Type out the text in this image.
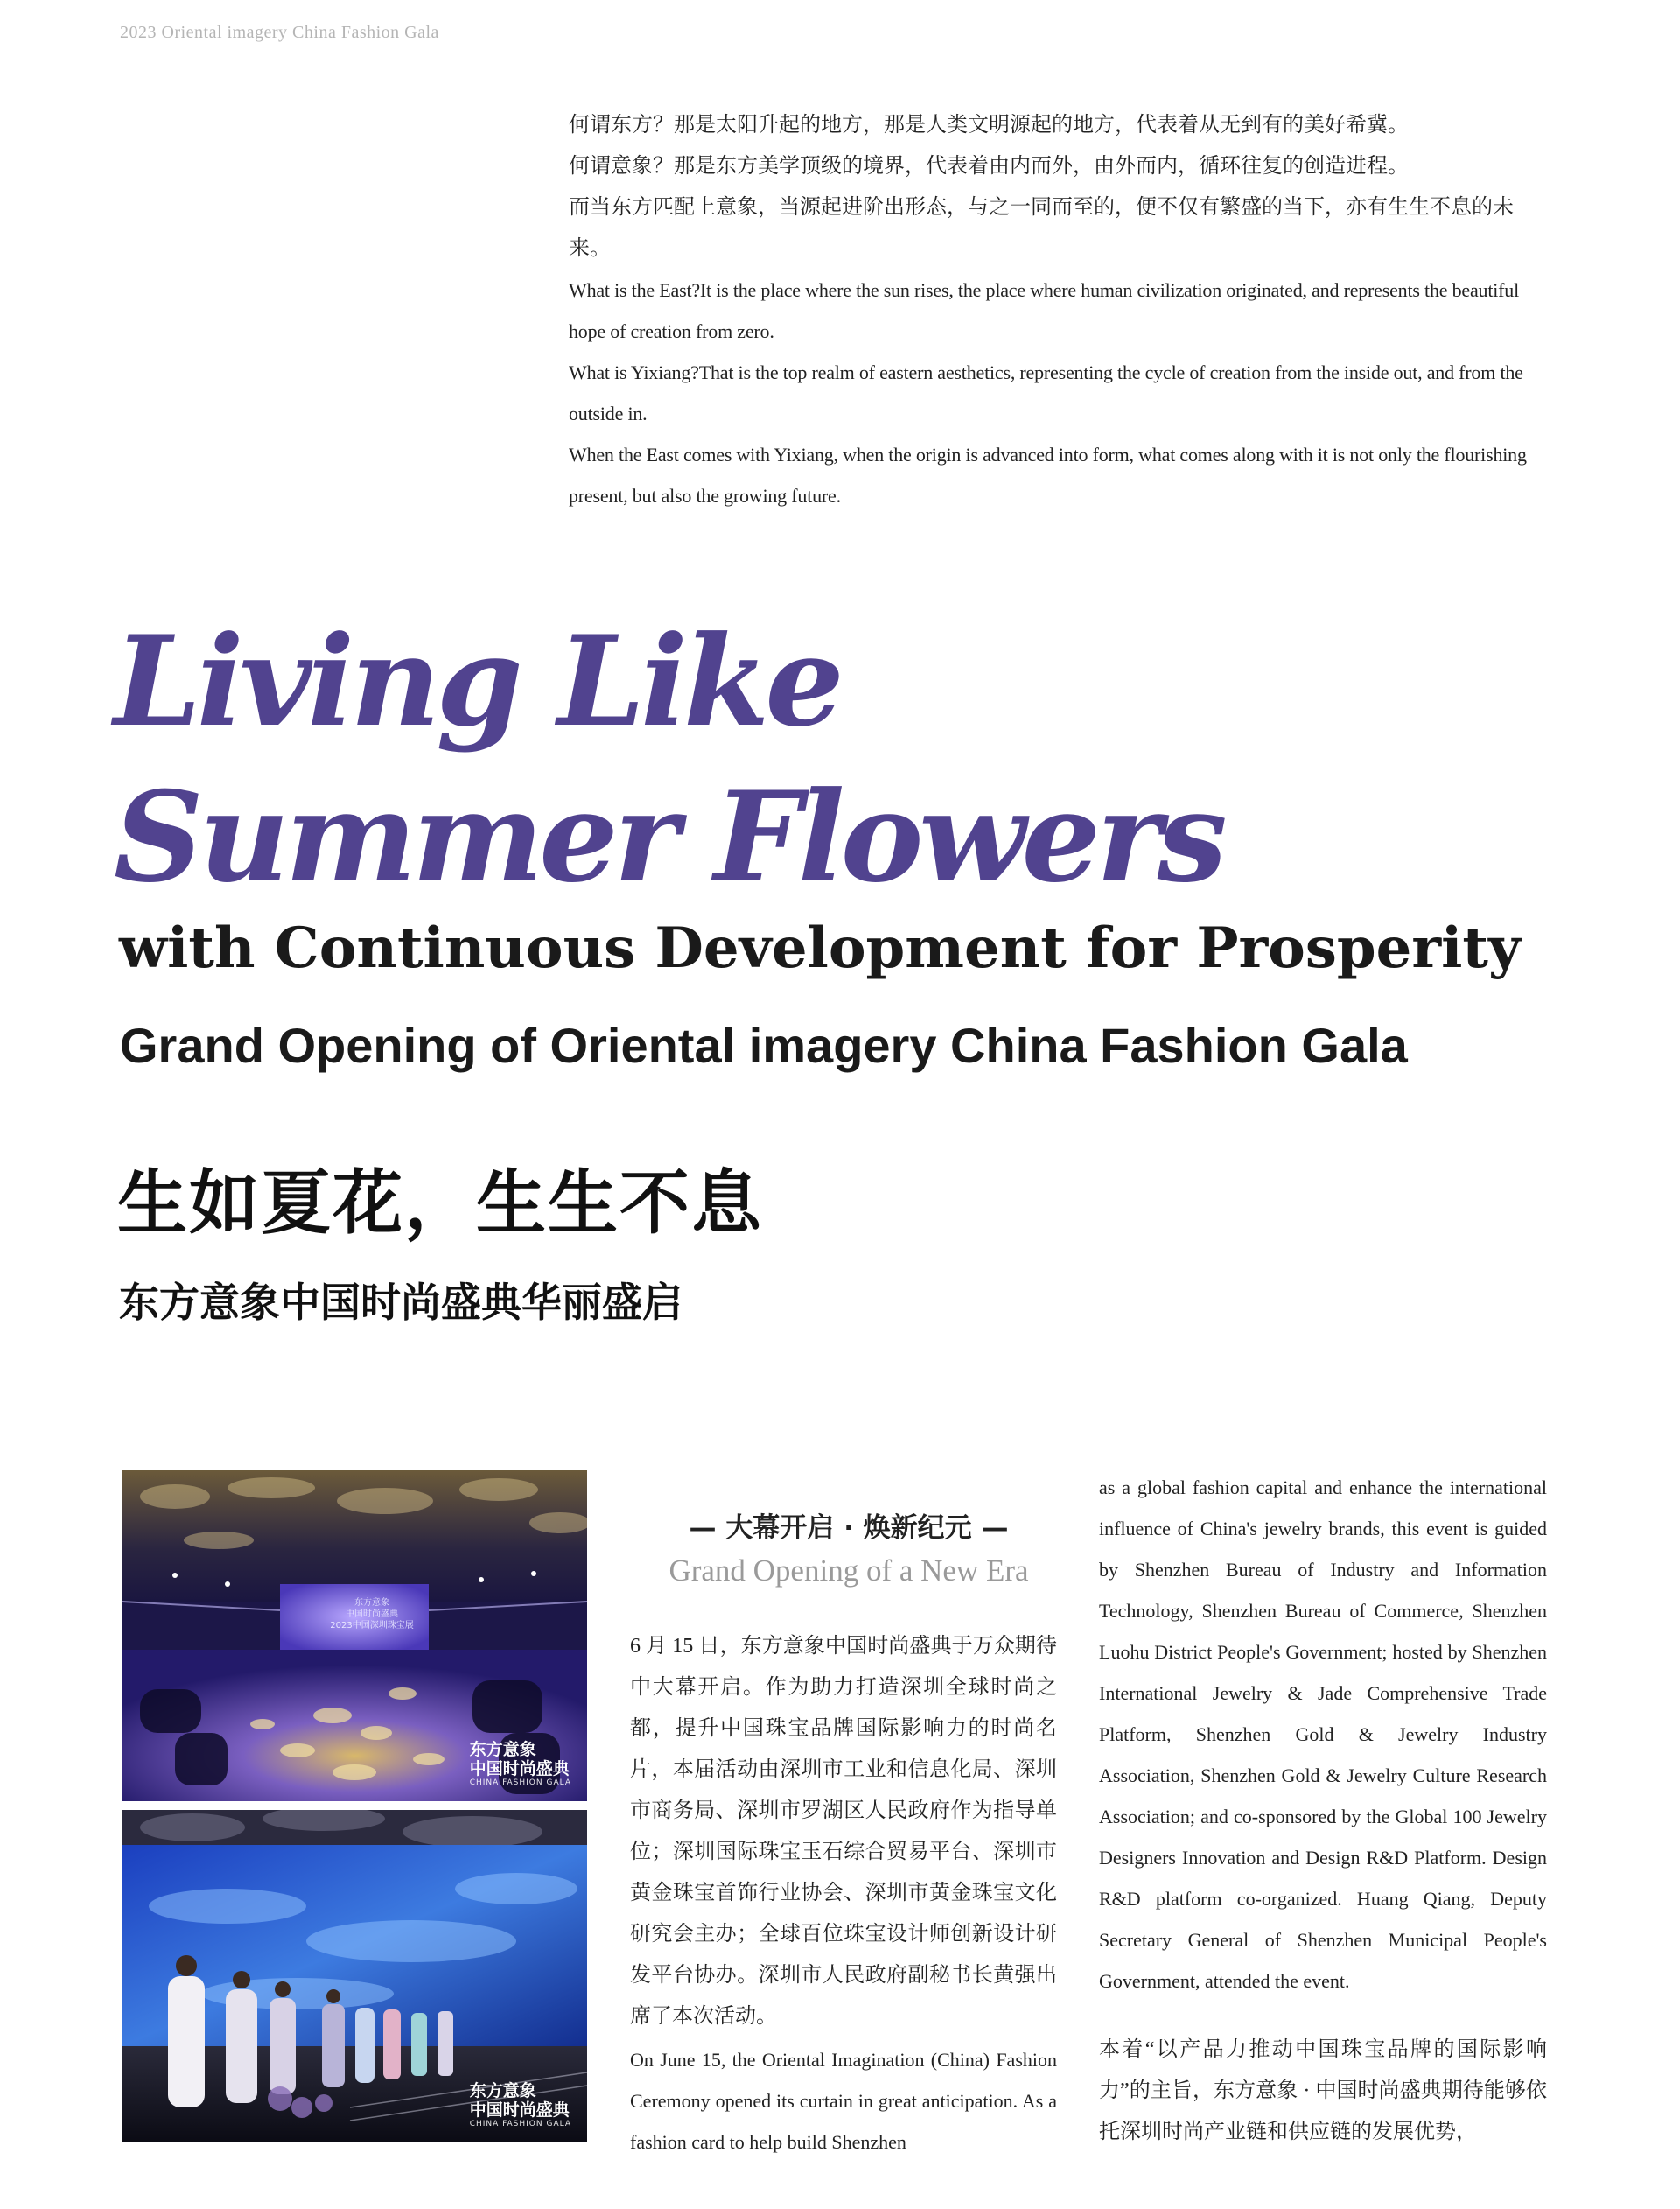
2023 Oriental imagery China Fashion Gala

何谓东方？那是太阳升起的地方，那是人类文明源起的地方，代表着从无到有的美好希冀。

何谓意象？那是东方美学顶级的境界，代表着由内而外，由外而内，循环往复的创造进程。

而当东方匹配上意象，当源起进阶出形态，与之一同而至的，便不仅有繁盛的当下，亦有生生不息的未来。

What is the East?It is the place where the sun rises, the place where human civilization originated, and represents the beautiful hope of creation from zero.

What is Yixiang?That is the top realm of eastern aesthetics, representing the cycle of creation from the inside out, and from the outside in.

When the East comes with Yixiang, when the origin is advanced into form, what comes along with it is not only the flourishing present, but also the growing future.

Living Like
Summer Flowers
with Continuous Development for Prosperity
Grand Opening of Oriental imagery China Fashion Gala
生如夏花，生生不息
东方意象中国时尚盛典华丽盛启
东方意象
中国时尚盛典
2023中国深圳珠宝展
东方意象
中国时尚盛典
CHINA FASHION GALA
东方意象
中国时尚盛典
CHINA FASHION GALA

— 大幕开启 · 焕新纪元 —

Grand Opening of a New Era

6 月 15 日，东方意象中国时尚盛典于万众期待中大幕开启。作为助力打造深圳全球时尚之都，提升中国珠宝品牌国际影响力的时尚名片，本届活动由深圳市工业和信息化局、深圳市商务局、深圳市罗湖区人民政府作为指导单位；深圳国际珠宝玉石综合贸易平台、深圳市黄金珠宝首饰行业协会、深圳市黄金珠宝文化研究会主办；全球百位珠宝设计师创新设计研发平台协办。深圳市人民政府副秘书长黄强出席了本次活动。

On June 15, the Oriental Imagination (China) Fashion Ceremony opened its curtain in great anticipation. As a fashion card to help build Shenzhen

as a global fashion capital and enhance the international influence of China's jewelry brands, this event is guided by Shenzhen Bureau of Industry and Information Technology, Shenzhen Bureau of Commerce, Shenzhen Luohu District People's Government; hosted by Shenzhen International Jewelry & Jade Comprehensive Trade Platform, Shenzhen Gold & Jewelry Industry Association, Shenzhen Gold & Jewelry Culture Research Association; and co-sponsored by the Global 100 Jewelry Designers Innovation and Design R&D Platform. Design R&D platform co-organized. Huang Qiang, Deputy Secretary General of Shenzhen Municipal People's Government, attended the event.

本着“以产品力推动中国珠宝品牌的国际影响力”的主旨，东方意象 · 中国时尚盛典期待能够依托深圳时尚产业链和供应链的发展优势，
